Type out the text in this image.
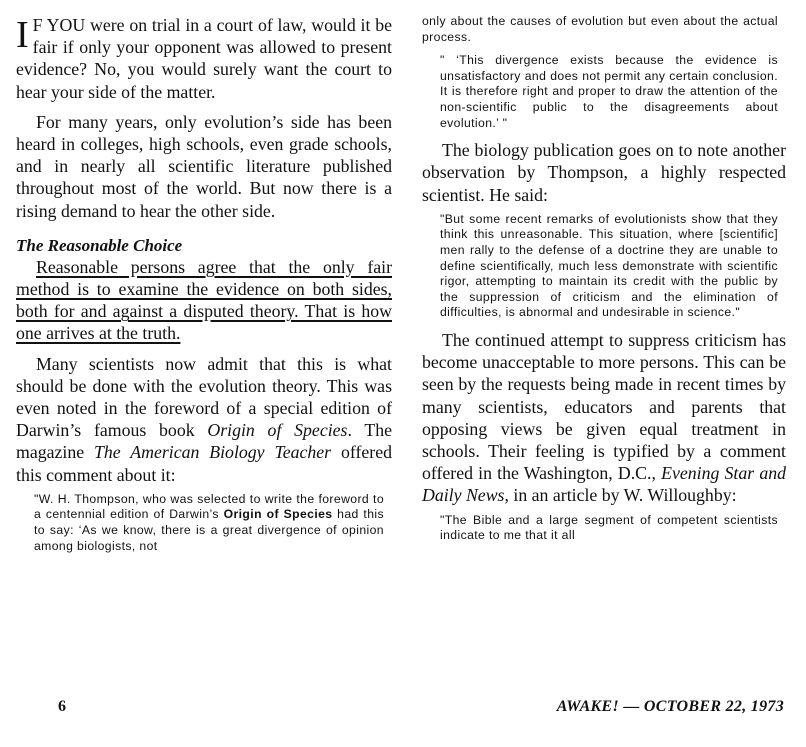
I F YOU were on trial in a court of law, would it be fair if only your opponent was allowed to present evidence? No, you would surely want the court to hear your side of the matter.

For many years, only evolution’s side has been heard in colleges, high schools, even grade schools, and in nearly all scientific literature published throughout most of the world. But now there is a rising demand to hear the other side.

The Reasonable Choice

Reasonable persons agree that the only fair method is to examine the evidence on both sides, both for and against a disputed theory. That is how one arrives at the truth.

Many scientists now admit that this is what should be done with the evolution theory. This was even noted in the foreword of a special edition of Darwin’s famous book Origin of Species. The magazine The American Biology Teacher offered this comment about it:

"W. H. Thompson, who was selected to write the foreword to a centennial edition of Darwin’s Origin of Species had this to say: ‘As we know, there is a great divergence of opinion among biologists, not

only about the causes of evolution but even about the actual process.

" ‘This divergence exists because the evidence is unsatisfactory and does not permit any certain conclusion. It is therefore right and proper to draw the attention of the non-scientific public to the disagreements about evolution.’ "

The biology publication goes on to note another observation by Thompson, a highly respected scientist. He said:

"But some recent remarks of evolutionists show that they think this unreasonable. This situation, where [scientific] men rally to the defense of a doctrine they are unable to define scientifically, much less demonstrate with scientific rigor, attempting to maintain its credit with the public by the suppression of criticism and the elimination of difficulties, is abnormal and undesirable in science."

The continued attempt to suppress criticism has become unacceptable to more persons. This can be seen by the requests being made in recent times by many scientists, educators and parents that opposing views be given equal treatment in schools. Their feeling is typified by a comment offered in the Washington, D.C., Evening Star and Daily News, in an article by W. Willoughby:

"The Bible and a large segment of competent scientists indicate to me that it all

6	AWAKE! — OCTOBER 22, 1973
